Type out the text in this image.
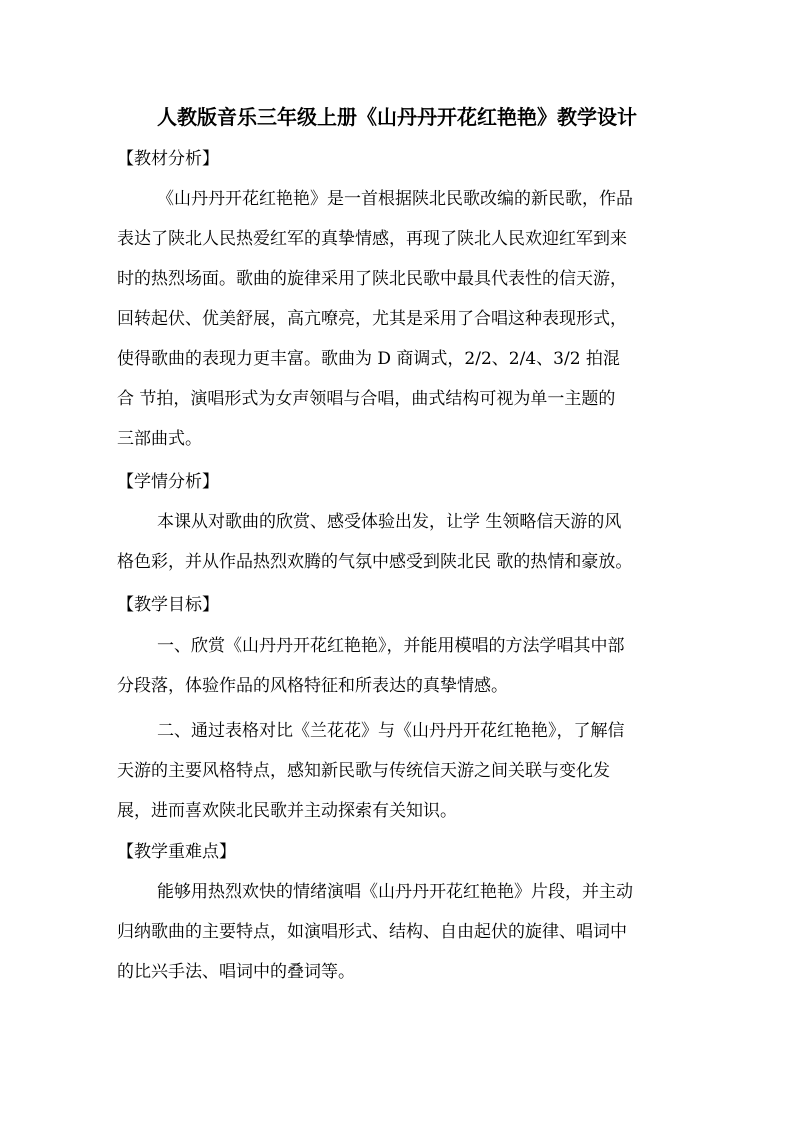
人教版音乐三年级上册《山丹丹开花红艳艳》教学设计
【教材分析】
《山丹丹开花红艳艳》是一首根据陕北民歌改编的新民歌，作品
表达了陕北人民热爱红军的真挚情感，再现了陕北人民欢迎红军到来
时的热烈场面。歌曲的旋律采用了陕北民歌中最具代表性的信天游，
回转起伏、优美舒展，高亢嘹亮，尤其是采用了合唱这种表现形式，
使得歌曲的表现力更丰富。歌曲为 D 商调式，2/2、2/4、3/2 拍混
合 节拍，演唱形式为女声领唱与合唱，曲式结构可视为单一主题的
三部曲式。
【学情分析】
本课从对歌曲的欣赏、感受体验出发，让学 生领略信天游的风
格色彩，并从作品热烈欢腾的气氛中感受到陕北民 歌的热情和豪放。
【教学目标】
一、欣赏《山丹丹开花红艳艳》，并能用模唱的方法学唱其中部
分段落，体验作品的风格特征和所表达的真挚情感。
二、通过表格对比《兰花花》与《山丹丹开花红艳艳》，了解信
天游的主要风格特点，感知新民歌与传统信天游之间关联与变化发
展，进而喜欢陕北民歌并主动探索有关知识。
【教学重难点】
能够用热烈欢快的情绪演唱《山丹丹开花红艳艳》片段，并主动
归纳歌曲的主要特点，如演唱形式、结构、自由起伏的旋律、唱词中
的比兴手法、唱词中的叠词等。
